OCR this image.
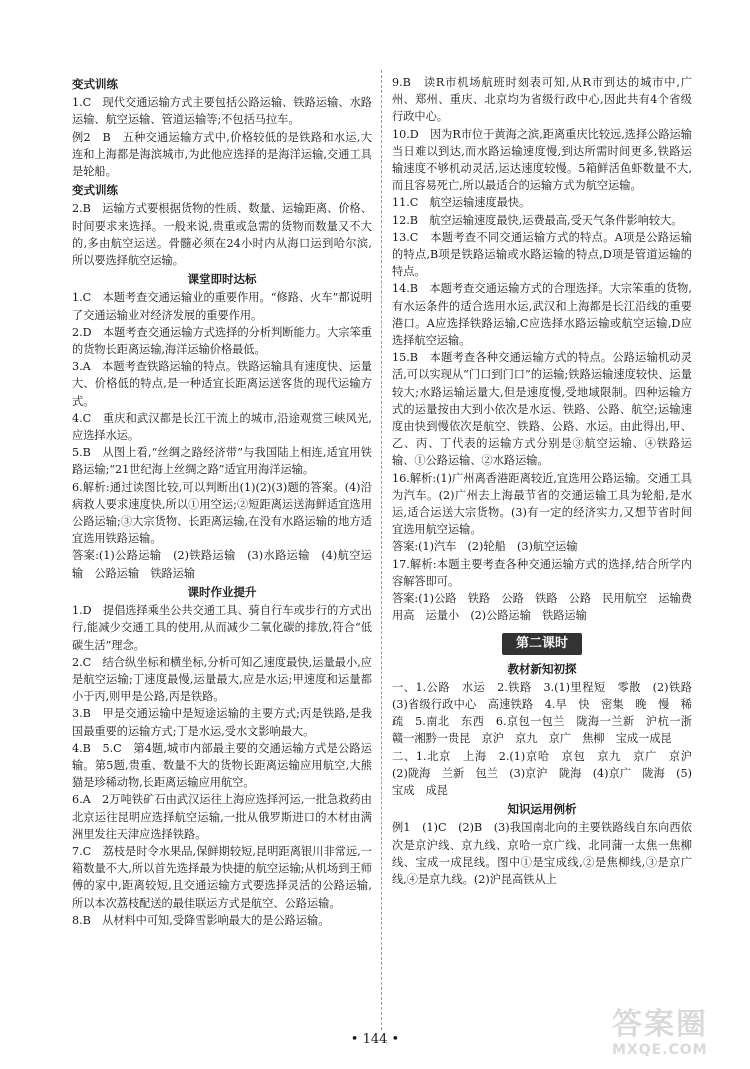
变式训练

1.C　现代交通运输方式主要包括公路运输、铁路运输、水路运输、航空运输、管道运输等;不包括马拉车。

例2　B　五种交通运输方式中,价格较低的是铁路和水运,大连和上海都是海滨城市,为此他应选择的是海洋运输,交通工具是轮船。

变式训练

2.B　运输方式要根据货物的性质、数量、运输距离、价格、时间要求来选择。一般来说,贵重或急需的货物而数量又不大的,多由航空运送。骨髓必须在24小时内从海口运到哈尔滨,所以要选择航空运输。

课堂即时达标

1.C　本题考查交通运输业的重要作用。“修路、火车”都说明了交通运输业对经济发展的重要作用。

2.D　本题考查交通运输方式选择的分析判断能力。大宗笨重的货物长距离运输,海洋运输价格最低。

3.A　本题考查铁路运输的特点。铁路运输具有速度快、运量大、价格低的特点,是一种适宜长距离运送客货的现代运输方式。

4.C　重庆和武汉都是长江干流上的城市,沿途观赏三峡风光,应选择水运。

5.B　从图上看,“丝绸之路经济带”与我国陆上相连,适宜用铁路运输;“21世纪海上丝绸之路”适宜用海洋运输。

6.解析:通过读图比较,可以判断出(1)(2)(3)题的答案。(4)沿病救人要求速度快,所以①用空运;②短距离运送海鲜适宜选用公路运输;③大宗货物、长距离运输,在没有水路运输的地方适宜选用铁路运输。

答案:(1)公路运输　(2)铁路运输　(3)水路运输　(4)航空运输　公路运输　铁路运输

课时作业提升

1.D　提倡选择乘坐公共交通工具、骑自行车或步行的方式出行,能减少交通工具的使用,从而减少二氧化碳的排放,符合“低碳生活”理念。

2.C　结合纵坐标和横坐标,分析可知乙速度最快,运量最小,应是航空运输;丁速度最慢,运量最大,应是水运;甲速度和运量都小于丙,则甲是公路,丙是铁路。

3.B　甲是交通运输中是短途运输的主要方式;丙是铁路,是我国最重要的运输方式;丁是水运,受水文影响最大。

4.B　5.C　第4题,城市内部最主要的交通运输方式是公路运输。第5题,贵重、数量不大的货物长距离运输应用航空,大熊猫是珍稀动物,长距离运输应用航空。

6.A　2万吨铁矿石由武汉运往上海应选择河运,一批急救药由北京运往昆明应选择航空运输,一批从俄罗斯进口的木材由满洲里发往天津应选择铁路。

7.C　荔枝是时令水果品,保鲜期较短,昆明距离银川非常远,一箱数量不大,所以首先选择最为快捷的航空运输;从机场到王师傅的家中,距离较短,且交通运输方式要选择灵活的公路运输,所以本次荔枝配送的最佳联运方式是航空、公路运输。

8.B　从材料中可知,受降雪影响最大的是公路运输。

9.B　读R市机场航班时刻表可知,从R市到达的城市中,广州、郑州、重庆、北京均为省级行政中心,因此共有4个省级行政中心。

10.D　因为R市位于黄海之滨,距离重庆比较远,选择公路运输当日难以到达,而水路运输速度慢,到达所需时间更多,铁路运输速度不够机动灵活,运达速度较慢。5箱鲜活鱼虾数量不大,而且容易死亡,所以最适合的运输方式为航空运输。

11.C　航空运输速度最快。

12.B　航空运输速度最快,运费最高,受天气条件影响较大。

13.C　本题考查不同交通运输方式的特点。A项是公路运输的特点,B项是铁路运输或水路运输的特点,D项是管道运输的特点。

14.B　本题考查交通运输方式的合理选择。大宗笨重的货物,有水运条件的适合选用水运,武汉和上海都是长江沿线的重要港口。A应选择铁路运输,C应选择水路运输或航空运输,D应选择航空运输。

15.B　本题考查各种交通运输方式的特点。公路运输机动灵活,可以实现从“门口到门口”的运输;铁路运输速度较快、运量较大;水路运输运量大,但是速度慢,受地域限制。四种运输方式的运量按由大到小依次是水运、铁路、公路、航空;运输速度由快到慢依次是航空、铁路、公路、水运。由此得出,甲、乙、丙、丁代表的运输方式分别是③航空运输、④铁路运输、①公路运输、②水路运输。

16.解析:(1)广州离香港距离较近,宜选用公路运输。交通工具为汽车。(2)广州去上海最节省的交通运输工具为轮船,是水运,适合运送大宗货物。(3)有一定的经济实力,又想节省时间宜选用航空运输。

答案:(1)汽车　(2)轮船　(3)航空运输

17.解析:本题主要考查各种交通运输方式的选择,结合所学内容解答即可。

答案:(1)公路　铁路　公路　铁路　公路　民用航空　运输费用高　运量小　(2)公路运输　铁路运输

第二课时
教材新知初探

一、1.公路　水运　2.铁路　3.(1)里程短　零散　(2)铁路　(3)省级行政中心　高速铁路　4.早　快　密集　晚　慢　稀疏　5.南北　东西　6.京包一包兰　陇海一兰新　沪杭一浙赣一湘黔一贵昆　京沪　京九　京广　焦柳　宝成一成昆

二、1.北京　上海　2.(1)京哈　京包　京九　京广　京沪　(2)陇海　兰新　包兰　(3)京沪　陇海　(4)京广　陇海　(5)宝成　成昆

知识运用例析

例1　(1)C　(2)B　(3)我国南北向的主要铁路线自东向西依次是京沪线、京九线、京哈一京广线、北同蒲一太焦一焦柳线、宝成一成昆线。图中①是宝成线,②是焦柳线,③是京广线,④是京九线。(2)沪昆高铁从上

• 144 •	答案圈
MXQE.COM
